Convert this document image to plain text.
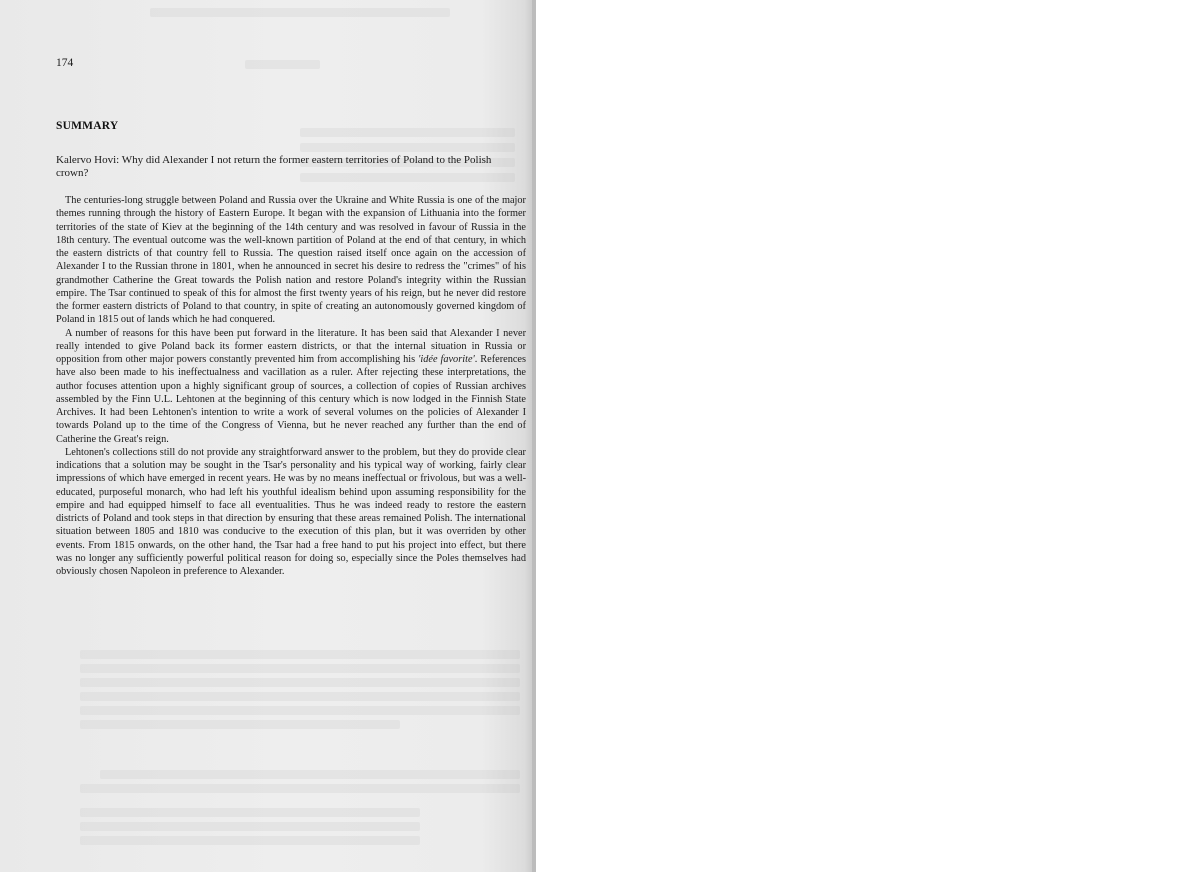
174
SUMMARY
Kalervo Hovi: Why did Alexander I not return the former eastern territories of Poland to the Polish crown?

The centuries-long struggle between Poland and Russia over the Ukraine and White Russia is one of the major themes running through the history of Eastern Europe. It began with the expansion of Lithuania into the former territories of the state of Kiev at the beginning of the 14th century and was resolved in favour of Russia in the 18th century. The eventual outcome was the well-known partition of Poland at the end of that century, in which the eastern districts of that country fell to Russia. The question raised itself once again on the accession of Alexander I to the Russian throne in 1801, when he announced in secret his desire to redress the "crimes" of his grandmother Catherine the Great towards the Polish nation and restore Poland's integrity within the Russian empire. The Tsar continued to speak of this for almost the first twenty years of his reign, but he never did restore the former eastern districts of Poland to that country, in spite of creating an autonomously governed kingdom of Poland in 1815 out of lands which he had conquered.

A number of reasons for this have been put forward in the literature. It has been said that Alexander I never really intended to give Poland back its former eastern districts, or that the internal situation in Russia or opposition from other major powers constantly prevented him from accomplishing his 'idée favorite'. References have also been made to his ineffectualness and vacillation as a ruler. After rejecting these interpretations, the author focuses attention upon a highly significant group of sources, a collection of copies of Russian archives assembled by the Finn U.L. Lehtonen at the beginning of this century which is now lodged in the Finnish State Archives. It had been Lehtonen's intention to write a work of several volumes on the policies of Alexander I towards Poland up to the time of the Congress of Vienna, but he never reached any further than the end of Catherine the Great's reign.

Lehtonen's collections still do not provide any straightforward answer to the problem, but they do provide clear indications that a solution may be sought in the Tsar's personality and his typical way of working, fairly clear impressions of which have emerged in recent years. He was by no means ineffectual or frivolous, but was a well-educated, purposeful monarch, who had left his youthful idealism behind upon assuming responsibility for the empire and had equipped himself to face all eventualities. Thus he was indeed ready to restore the eastern districts of Poland and took steps in that direction by ensuring that these areas remained Polish. The international situation between 1805 and 1810 was conducive to the execution of this plan, but it was overriden by other events. From 1815 onwards, on the other hand, the Tsar had a free hand to put his project into effect, but there was no longer any sufficiently powerful political reason for doing so, especially since the Poles themselves had obviously chosen Napoleon in preference to Alexander.
